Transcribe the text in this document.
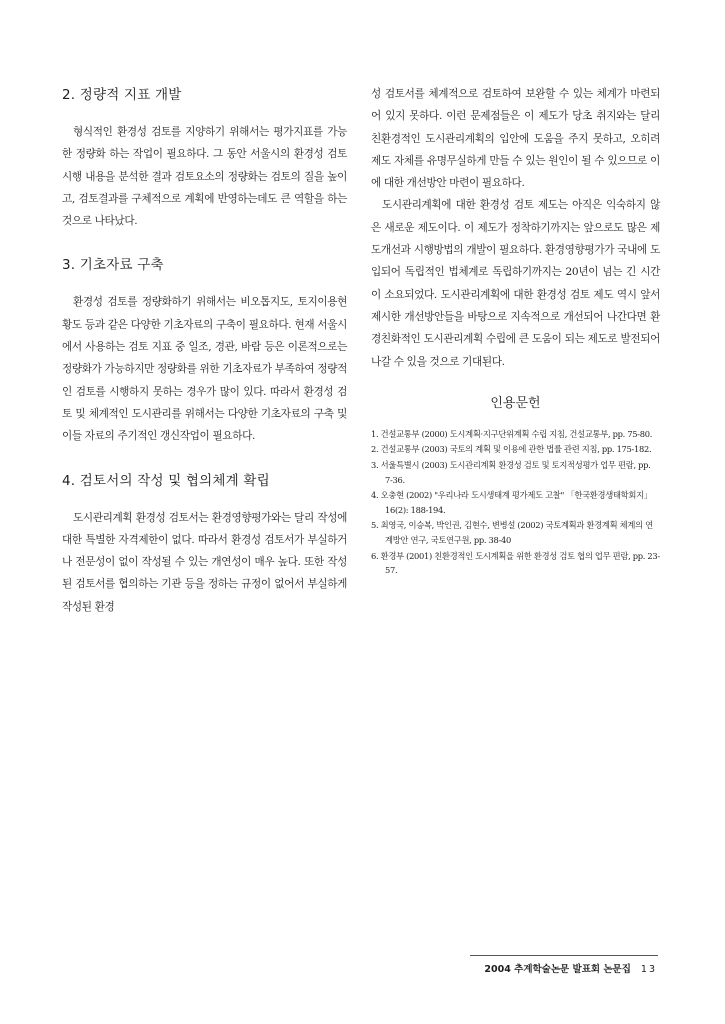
2. 정량적 지표 개발

형식적인 환경성 검토를 지양하기 위해서는 평가지표를 가능한 정량화 하는 작업이 필요하다. 그 동안 서울시의 환경성 검토 시행 내용을 분석한 결과 검토요소의 정량화는 검토의 질을 높이고, 검토결과를 구체적으로 계획에 반영하는데도 큰 역할을 하는 것으로 나타났다.

3. 기초자료 구축

환경성 검토를 정량화하기 위해서는 비오톱지도, 토지이용현황도 등과 같은 다양한 기초자료의 구축이 필요하다. 현재 서울시에서 사용하는 검토 지표 중 일조, 경관, 바람 등은 이론적으로는 정량화가 가능하지만 정량화를 위한 기초자료가 부족하여 정량적인 검토를 시행하지 못하는 경우가 많이 있다. 따라서 환경성 검토 및 체계적인 도시관리를 위해서는 다양한 기초자료의 구축 및 이들 자료의 주기적인 갱신작업이 필요하다.

4. 검토서의 작성 및 협의체계 확립

도시관리계획 환경성 검토서는 환경영향평가와는 달리 작성에 대한 특별한 자격제한이 없다. 따라서 환경성 검토서가 부실하거나 전문성이 없이 작성될 수 있는 개연성이 매우 높다. 또한 작성된 검토서를 협의하는 기관 등을 정하는 규정이 없어서 부실하게 작성된 환경

성 검토서를 체계적으로 검토하여 보완할 수 있는 체계가 마련되어 있지 못하다. 이런 문제점들은 이 제도가 당초 취지와는 달리 친환경적인 도시관리계획의 입안에 도움을 주지 못하고, 오히려 제도 자체를 유명무실하게 만들 수 있는 원인이 될 수 있으므로 이에 대한 개선방안 마련이 필요하다.

도시관리계획에 대한 환경성 검토 제도는 아직은 익숙하지 않은 새로운 제도이다. 이 제도가 정착하기까지는 앞으로도 많은 제도개선과 시행방법의 개발이 필요하다. 환경영향평가가 국내에 도입되어 독립적인 법체계로 독립하기까지는 20년이 넘는 긴 시간이 소요되었다. 도시관리계획에 대한 환경성 검토 제도 역시 앞서 제시한 개선방안들을 바탕으로 지속적으로 개선되어 나간다면 환경친화적인 도시관리계획 수립에 큰 도움이 되는 제도로 발전되어 나갈 수 있을 것으로 기대된다.

인용문헌
1. 건설교통부 (2000) 도시계획·지구단위계획 수립 지침, 건설교통부, pp. 75-80.
2. 건설교통부 (2003) 국토의 계획 및 이용에 관한 법률 관련 지침, pp. 175-182.
3. 서울특별시 (2003) 도시관리계획 환경성 검토 및 토지적성평가 업무 편람, pp. 7-36.
4. 오충현 (2002) "우리나라 도시생태계 평가제도 고찰" 「한국환경생태학회지」 16(2): 188-194.
5. 최영국, 이승복, 박인권, 김현수, 변병설 (2002) 국토계획과 환경계획 체계의 연계방안 연구, 국토연구원, pp. 38-40
6. 환경부 (2001) 친환경적인 도시계획을 위한 환경성 검토 협의 업무 편람, pp. 23-57.
2004 추계학술논문 발표회 논문집 13
